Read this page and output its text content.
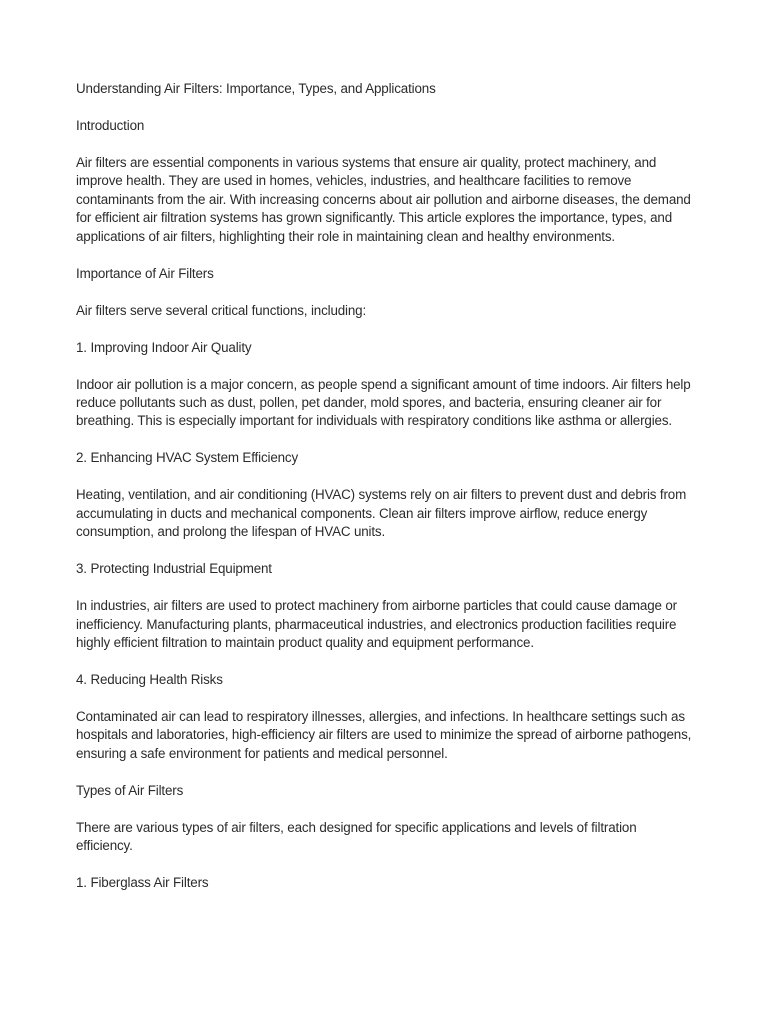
Understanding Air Filters: Importance, Types, and Applications

Introduction

Air filters are essential components in various systems that ensure air quality, protect machinery, and improve health. They are used in homes, vehicles, industries, and healthcare facilities to remove contaminants from the air. With increasing concerns about air pollution and airborne diseases, the demand for efficient air filtration systems has grown significantly. This article explores the importance, types, and applications of air filters, highlighting their role in maintaining clean and healthy environments.

Importance of Air Filters

Air filters serve several critical functions, including:

1. Improving Indoor Air Quality

Indoor air pollution is a major concern, as people spend a significant amount of time indoors. Air filters help reduce pollutants such as dust, pollen, pet dander, mold spores, and bacteria, ensuring cleaner air for breathing. This is especially important for individuals with respiratory conditions like asthma or allergies.

2. Enhancing HVAC System Efficiency

Heating, ventilation, and air conditioning (HVAC) systems rely on air filters to prevent dust and debris from accumulating in ducts and mechanical components. Clean air filters improve airflow, reduce energy consumption, and prolong the lifespan of HVAC units.

3. Protecting Industrial Equipment

In industries, air filters are used to protect machinery from airborne particles that could cause damage or inefficiency. Manufacturing plants, pharmaceutical industries, and electronics production facilities require highly efficient filtration to maintain product quality and equipment performance.

4. Reducing Health Risks

Contaminated air can lead to respiratory illnesses, allergies, and infections. In healthcare settings such as hospitals and laboratories, high-efficiency air filters are used to minimize the spread of airborne pathogens, ensuring a safe environment for patients and medical personnel.

Types of Air Filters

There are various types of air filters, each designed for specific applications and levels of filtration efficiency.

1. Fiberglass Air Filters
